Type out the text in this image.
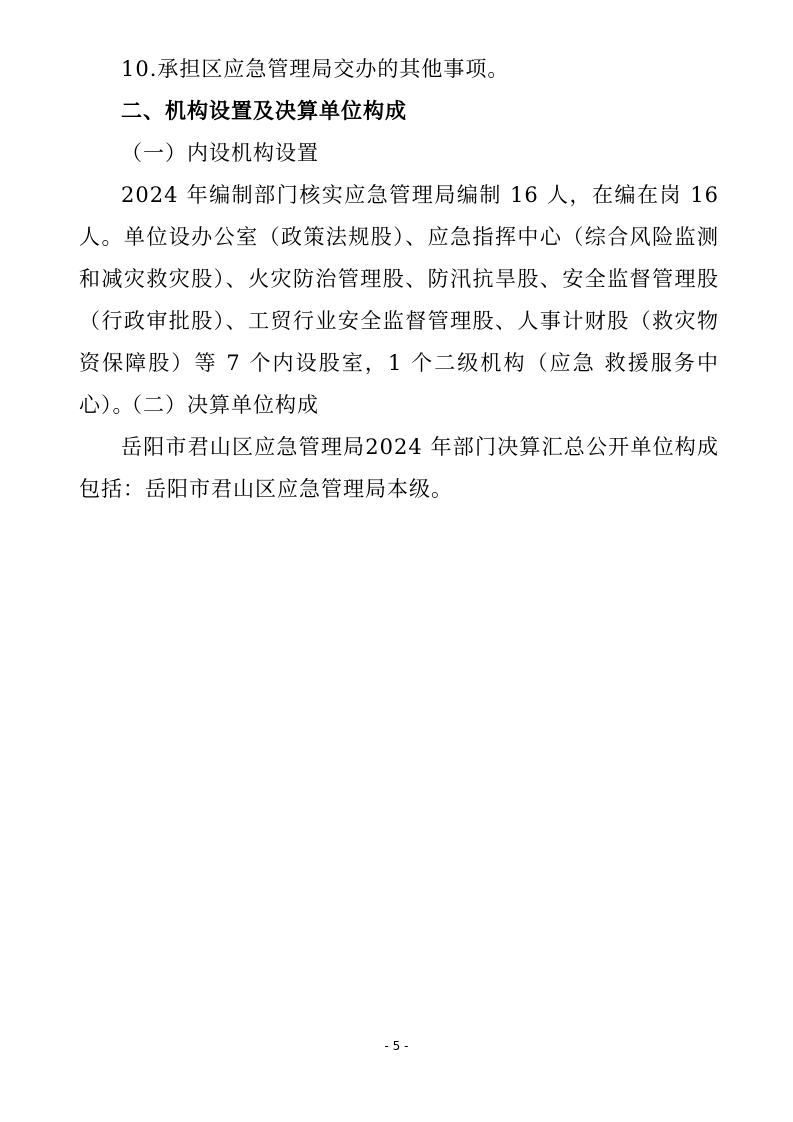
10.承担区应急管理局交办的其他事项。

二、机构设置及决算单位构成

（一）内设机构设置

2024 年编制部门核实应急管理局编制 16 人，在编在岗 16 人。单位设办公室（政策法规股）、应急指挥中心（综合风险监测和减灾救灾股）、火灾防治管理股、防汛抗旱股、安全监督管理股（行政审批股）、工贸行业安全监督管理股、人事计财股（救灾物资保障股）等 7 个内设股室，1 个二级机构（应急 救援服务中心）。

（二）决算单位构成

岳阳市君山区应急管理局2024 年部门决算汇总公开单位构成包括：岳阳市君山区应急管理局本级。

- 5 -
